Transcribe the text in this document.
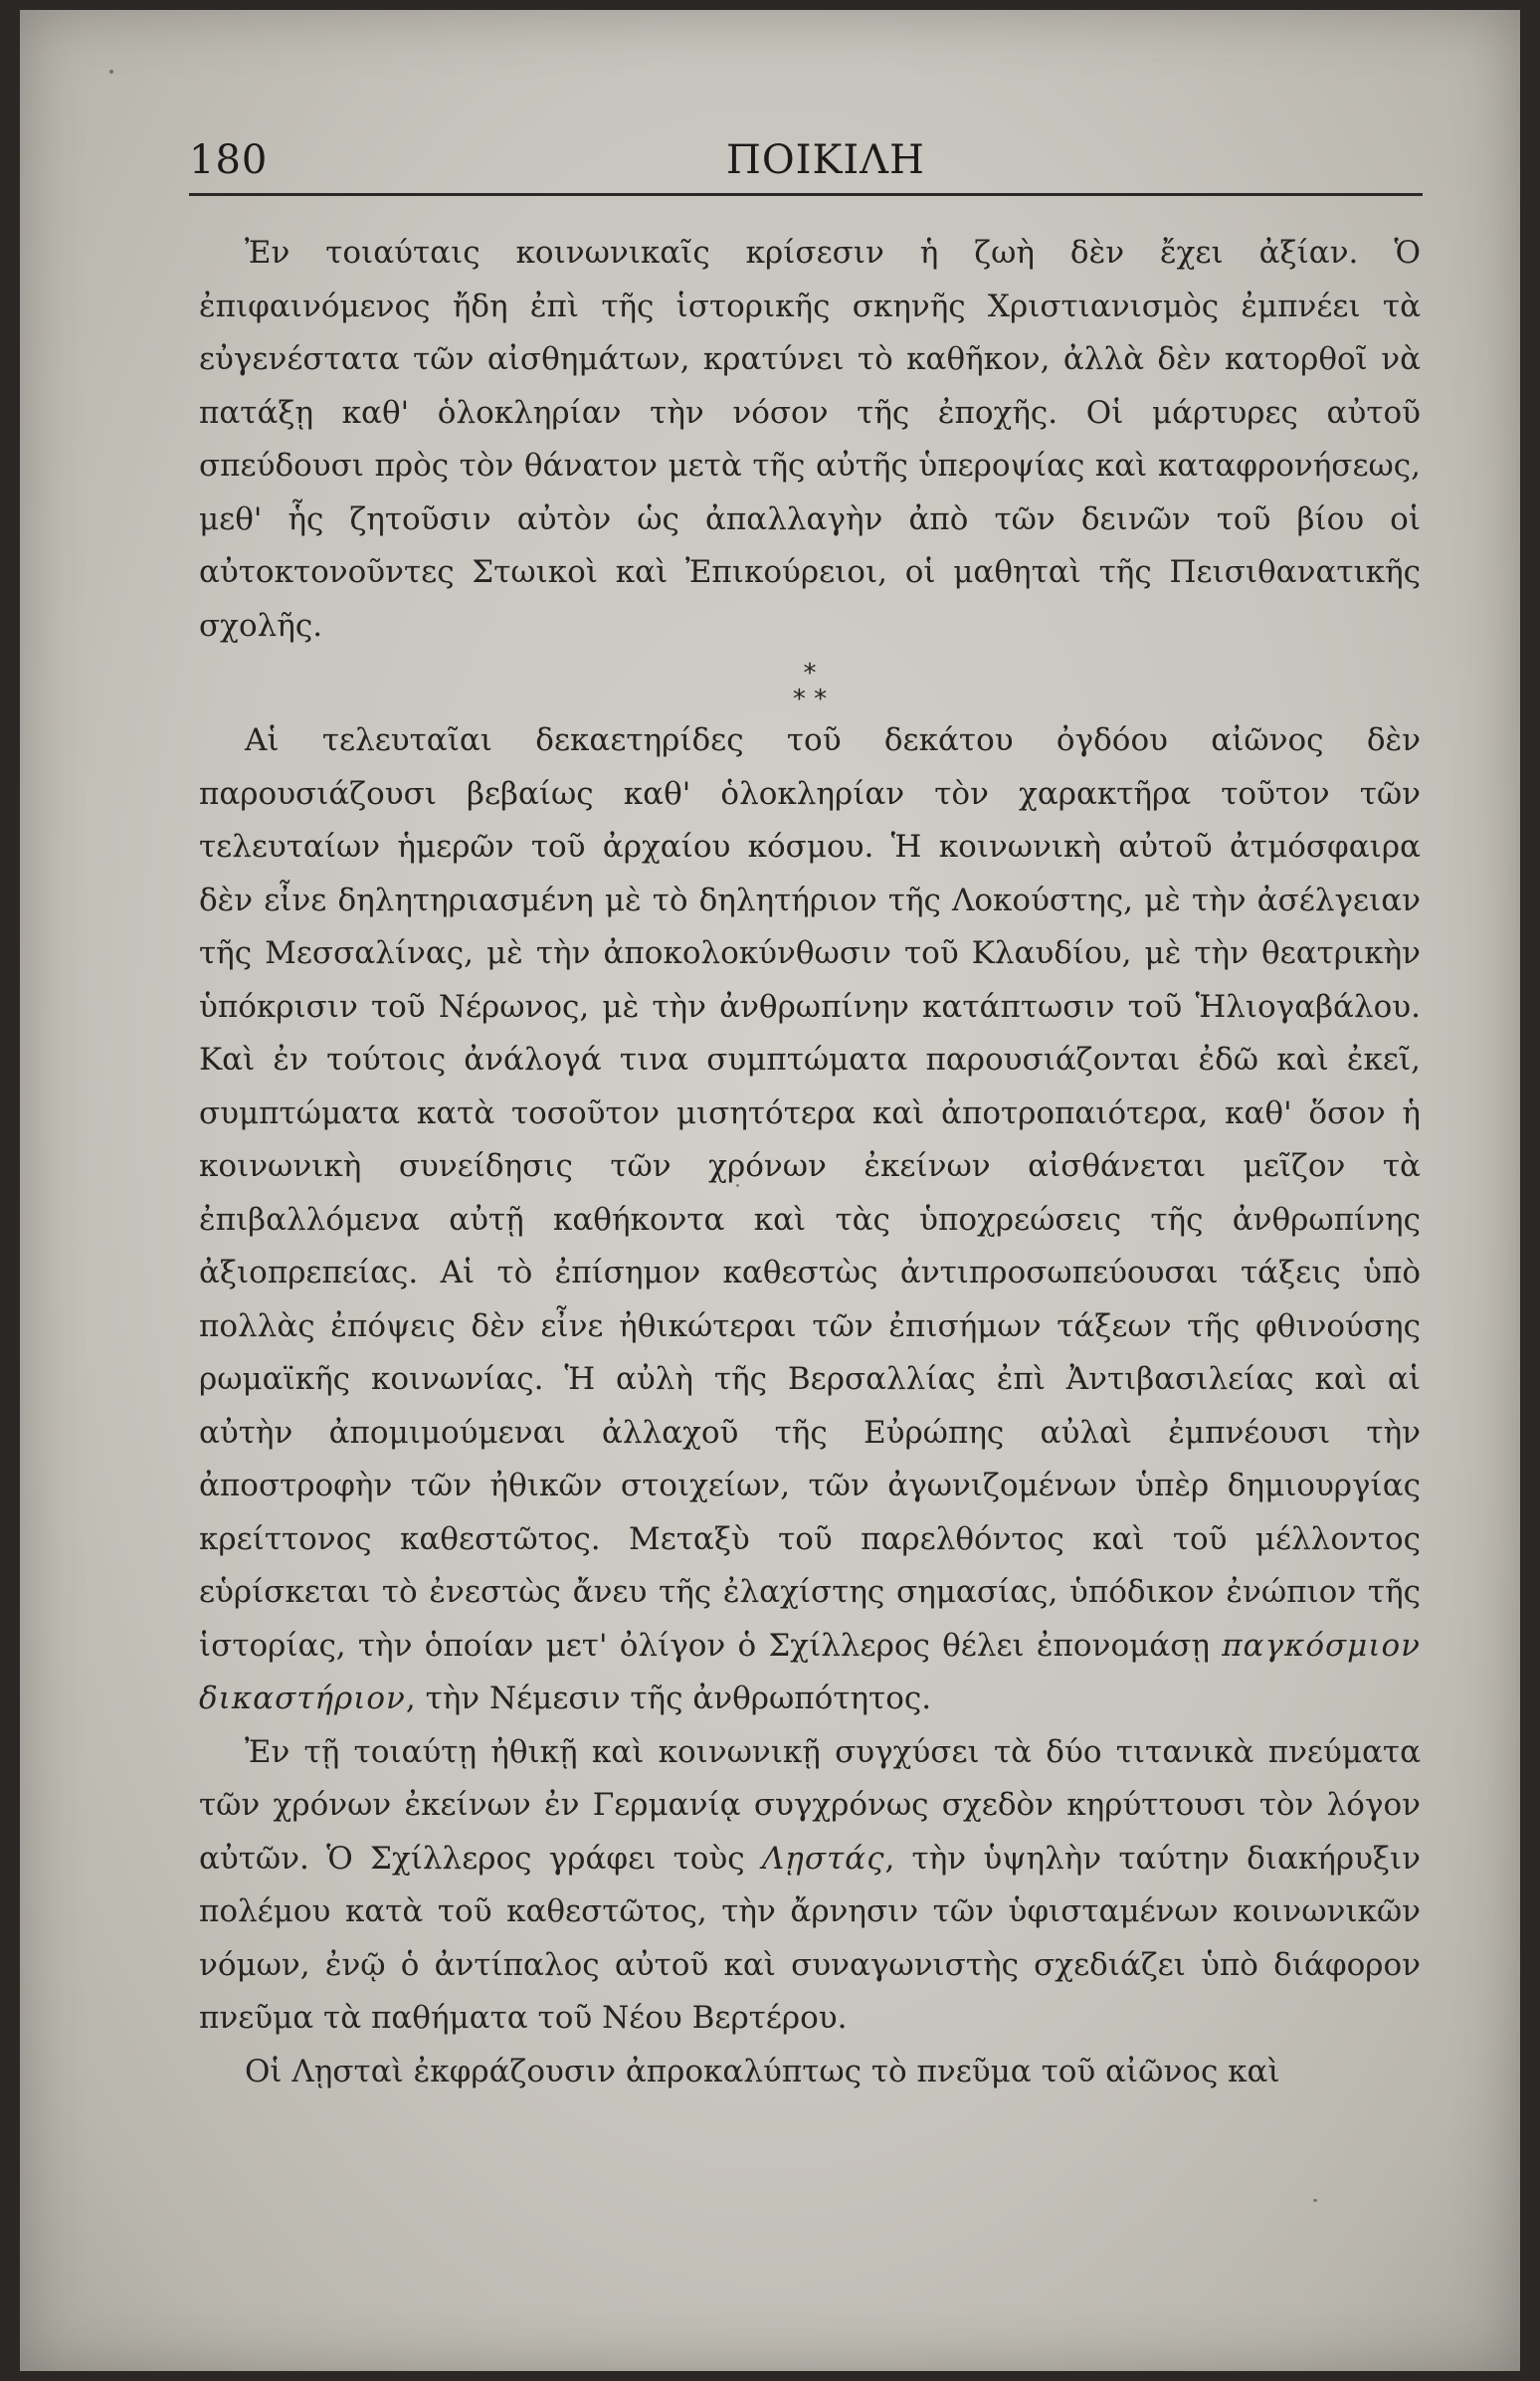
180	ΠΟΙΚΙΛΗ

Ἐν τοιαύταις κοινωνικαῖς κρίσεσιν ἡ ζωὴ δὲν ἔχει ἀξίαν. Ὁ ἐπιφαινόμενος ἤδη ἐπὶ τῆς ἱστορικῆς σκηνῆς Χριστιανισμὸς ἐμπνέει τὰ εὐγενέστατα τῶν αἰσθημάτων, κρατύνει τὸ καθῆκον, ἀλλὰ δὲν κατορθοῖ νὰ πατάξῃ καθ' ὁλοκληρίαν τὴν νόσον τῆς ἐποχῆς. Οἱ μάρτυρες αὐτοῦ σπεύδουσι πρὸς τὸν θάνατον μετὰ τῆς αὐτῆς ὑπεροψίας καὶ καταφρονήσεως, μεθ' ἧς ζητοῦσιν αὐτὸν ὡς ἀπαλλαγὴν ἀπὸ τῶν δεινῶν τοῦ βίου οἱ αὐτοκτονοῦντες Στωικοὶ καὶ Ἐπικούρειοι, οἱ μαθηταὶ τῆς Πεισιθανατικῆς σχολῆς.

*
* *

Αἱ τελευταῖαι δεκαετηρίδες τοῦ δεκάτου ὀγδόου αἰῶνος δὲν παρουσιάζουσι βεβαίως καθ' ὁλοκληρίαν τὸν χαρακτῆρα τοῦτον τῶν τελευταίων ἡμερῶν τοῦ ἀρχαίου κόσμου. Ἡ κοινωνικὴ αὐτοῦ ἀτμόσφαιρα δὲν εἶνε δηλητηριασμένη μὲ τὸ δηλητήριον τῆς Λοκούστης, μὲ τὴν ἀσέλγειαν τῆς Μεσσαλίνας, μὲ τὴν ἀποκολοκύνθωσιν τοῦ Κλαυδίου, μὲ τὴν θεατρικὴν ὑπόκρισιν τοῦ Νέρωνος, μὲ τὴν ἀνθρωπίνην κατάπτωσιν τοῦ Ἡλιογαβάλου. Καὶ ἐν τούτοις ἀνάλογά τινα συμπτώματα παρουσιάζονται ἐδῶ καὶ ἐκεῖ, συμπτώματα κατὰ τοσοῦτον μισητότερα καὶ ἀποτροπαιότερα, καθ' ὅσον ἡ κοινωνικὴ συνείδησις τῶν χρόνων ἐκείνων αἰσθάνεται μεῖζον τὰ ἐπιβαλλόμενα αὐτῇ καθήκοντα καὶ τὰς ὑποχρεώσεις τῆς ἀνθρωπίνης ἀξιοπρεπείας. Αἱ τὸ ἐπίσημον καθεστὼς ἀντιπροσωπεύουσαι τάξεις ὑπὸ πολλὰς ἐπόψεις δὲν εἶνε ἠθικώτεραι τῶν ἐπισήμων τάξεων τῆς φθινούσης ρωμαϊκῆς κοινωνίας. Ἡ αὐλὴ τῆς Βερσαλλίας ἐπὶ Ἀντιβασιλείας καὶ αἱ αὐτὴν ἀπομιμούμεναι ἀλλαχοῦ τῆς Εὐρώπης αὐλαὶ ἐμπνέουσι τὴν ἀποστροφὴν τῶν ἠθικῶν στοιχείων, τῶν ἀγωνιζομένων ὑπὲρ δημιουργίας κρείττονος καθεστῶτος. Μεταξὺ τοῦ παρελθόντος καὶ τοῦ μέλλοντος εὑρίσκεται τὸ ἐνεστὼς ἄνευ τῆς ἐλαχίστης σημασίας, ὑπόδικον ἐνώπιον τῆς ἱστορίας, τὴν ὁποίαν μετ' ὀλίγον ὁ Σχίλλερος θέλει ἐπονομάσῃ παγκόσμιον δικαστήριον, τὴν Νέμεσιν τῆς ἀνθρωπότητος.

Ἐν τῇ τοιαύτῃ ἠθικῇ καὶ κοινωνικῇ συγχύσει τὰ δύο τιτανικὰ πνεύματα τῶν χρόνων ἐκείνων ἐν Γερμανίᾳ συγχρόνως σχεδὸν κηρύττουσι τὸν λόγον αὐτῶν. Ὁ Σχίλλερος γράφει τοὺς Λῃστάς, τὴν ὑψηλὴν ταύτην διακήρυξιν πολέμου κατὰ τοῦ καθεστῶτος, τὴν ἄρνησιν τῶν ὑφισταμένων κοινωνικῶν νόμων, ἐνῷ ὁ ἀντίπαλος αὐτοῦ καὶ συναγωνιστὴς σχεδιάζει ὑπὸ διάφορον πνεῦμα τὰ παθήματα τοῦ Νέου Βερτέρου.

Οἱ Λῃσταὶ ἐκφράζουσιν ἀπροκαλύπτως τὸ πνεῦμα τοῦ αἰῶνος καὶ
